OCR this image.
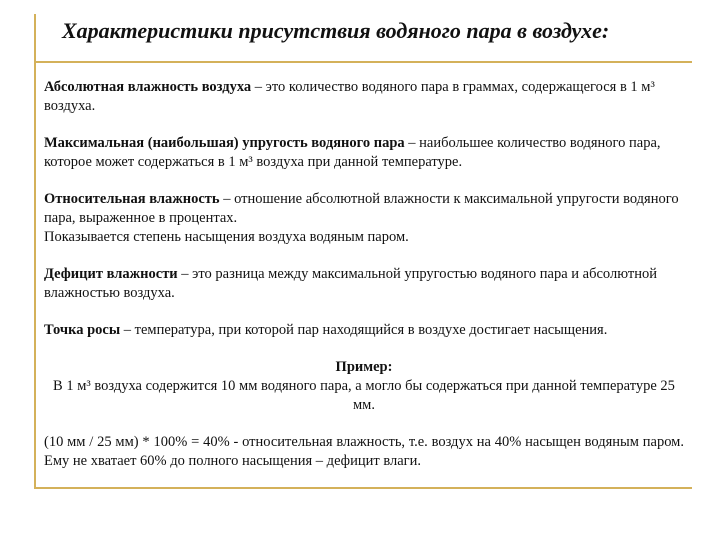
Характеристики присутствия водяного пара в воздухе:

Абсолютная влажность воздуха – это количество водяного пара в граммах, содержащегося в 1 м³ воздуха.

Максимальная (наибольшая) упругость водяного пара – наибольшее количество водяного пара, которое может содержаться в 1 м³ воздуха при данной температуре.

Относительная влажность – отношение абсолютной влажности к максимальной упругости водяного пара, выраженное в процентах.
Показывается степень насыщения воздуха водяным паром.

Дефицит влажности – это разница между максимальной упругостью водяного пара и абсолютной влажностью воздуха.

Точка росы – температура, при которой пар находящийся в воздухе достигает насыщения.

Пример:

В 1 м³ воздуха содержится 10 мм водяного пара, а могло бы содержаться при данной температуре 25 мм.

(10 мм / 25 мм) * 100% = 40% - относительная влажность, т.е. воздух на 40% насыщен водяным паром. Ему не хватает 60% до полного насыщения – дефицит влаги.
